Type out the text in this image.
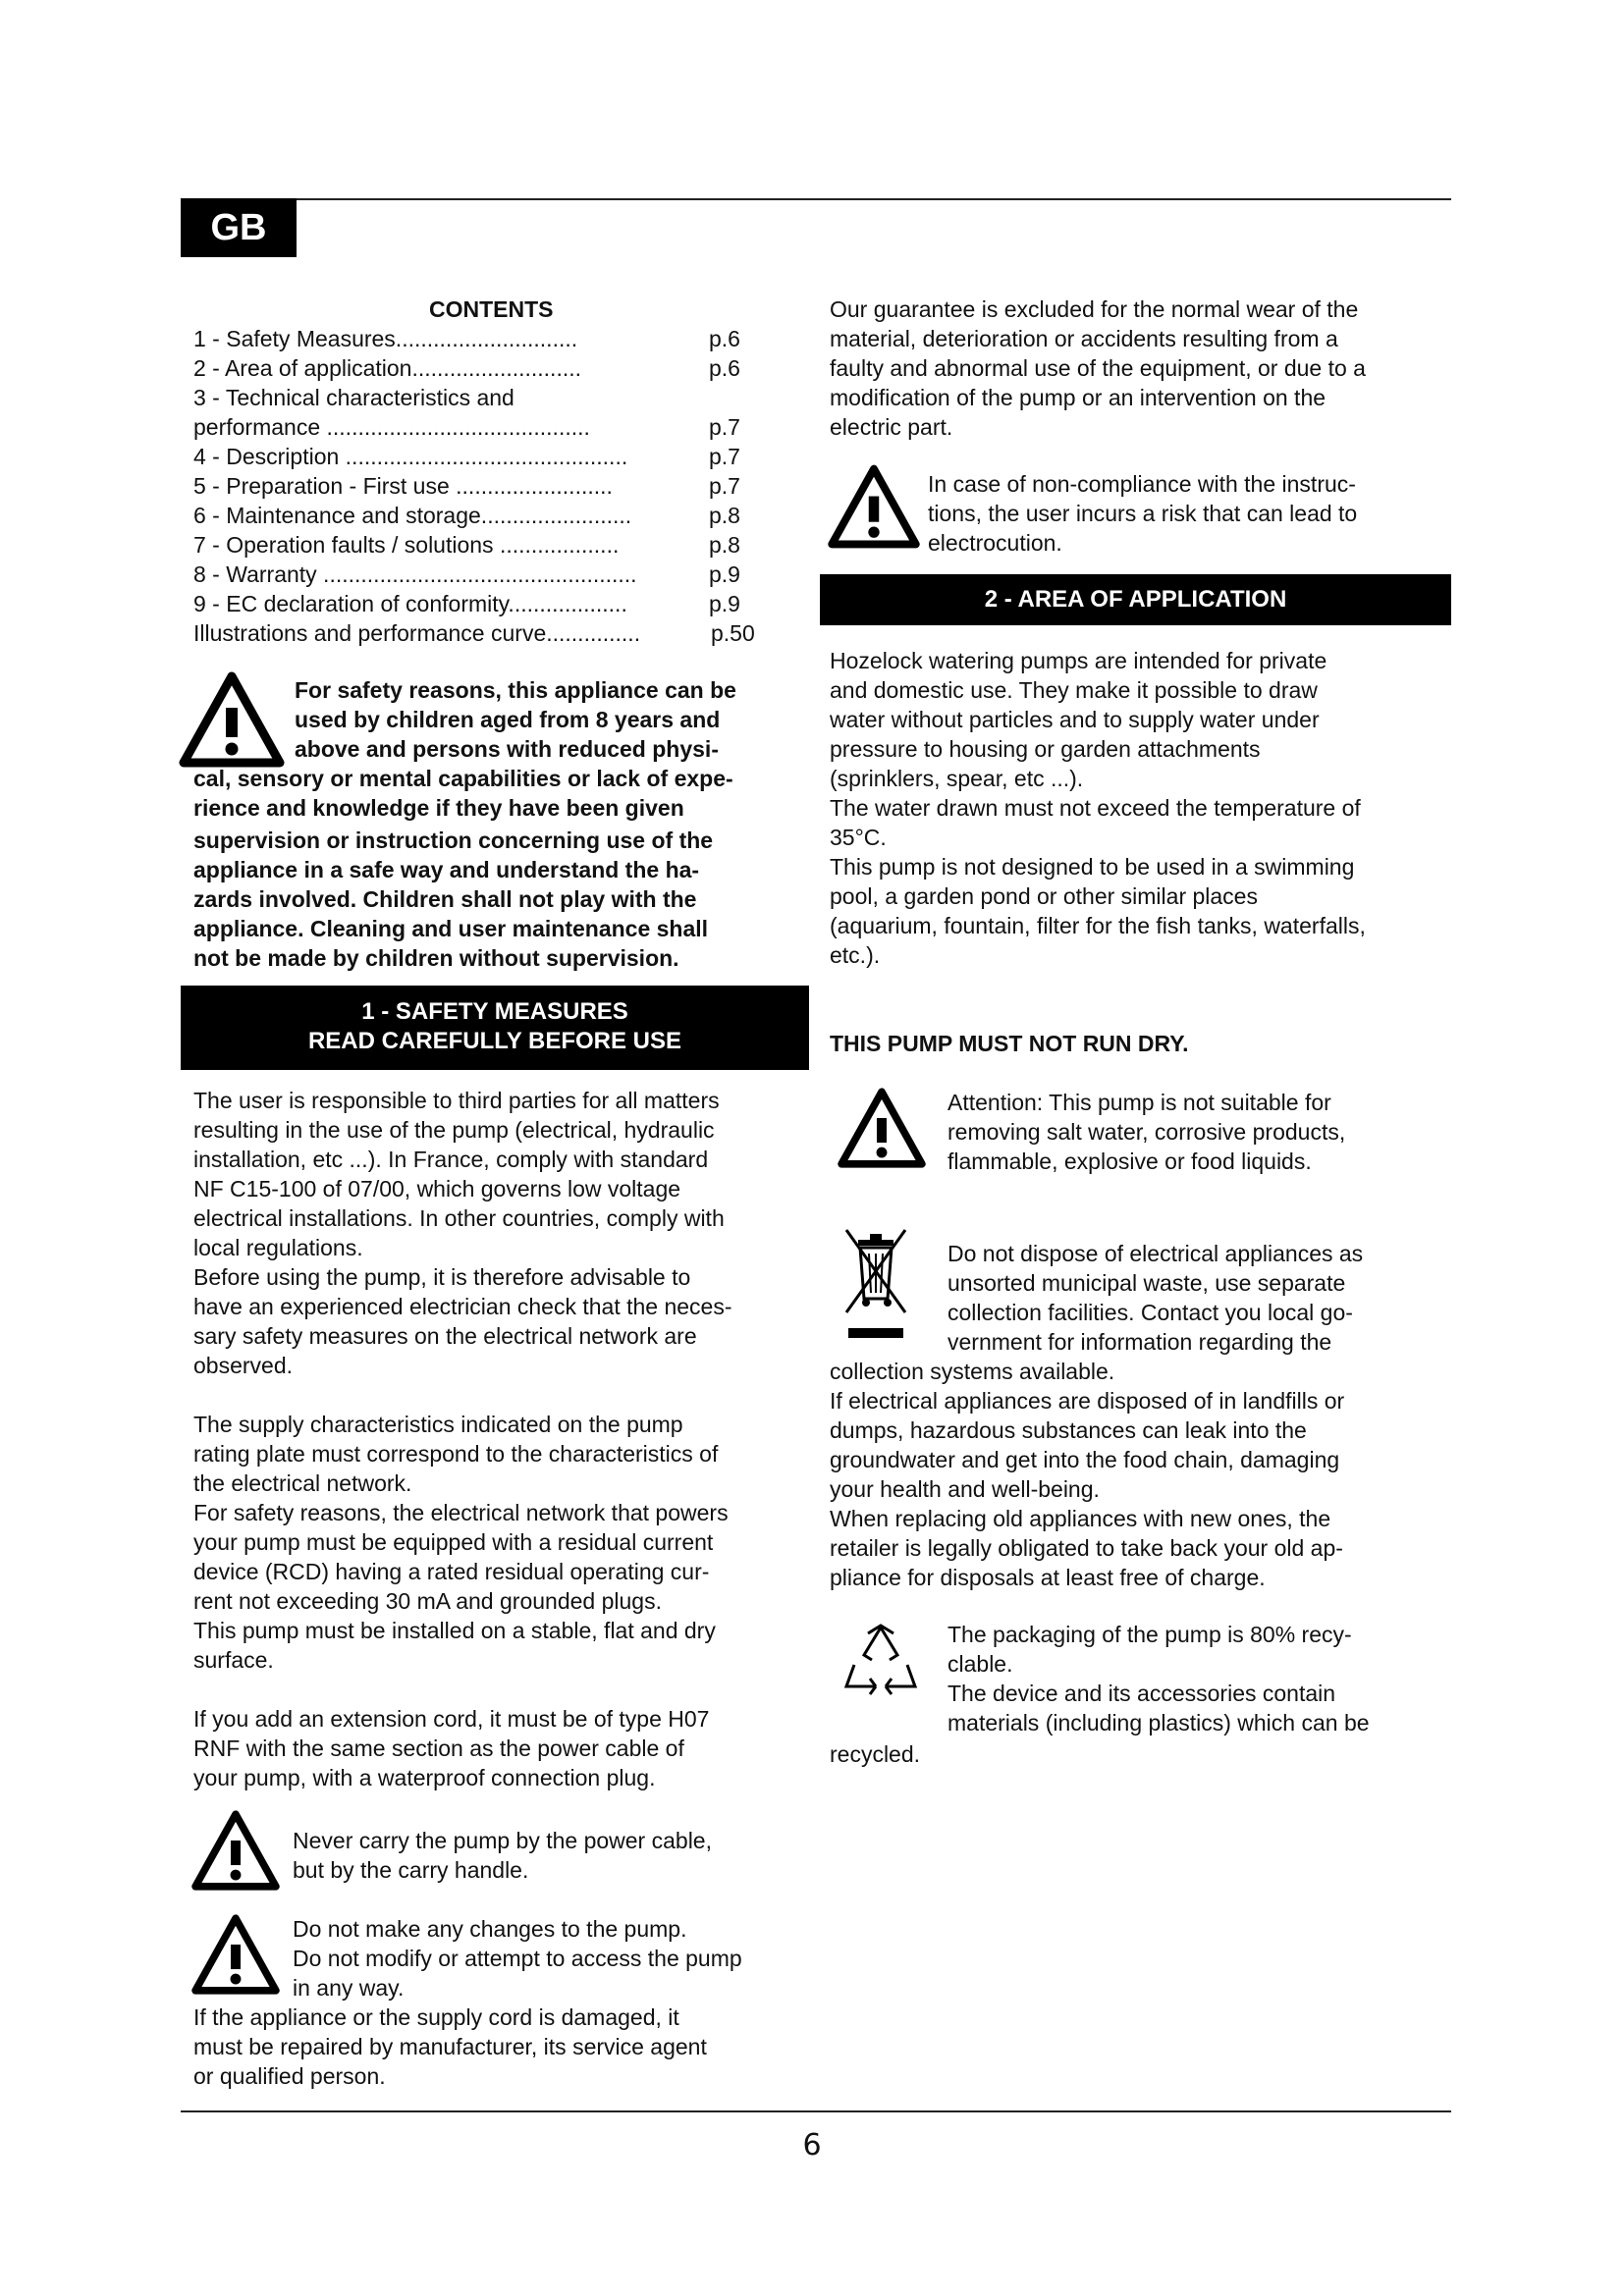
GB
CONTENTS
1 - Safety Measures.............................	p.6
2 - Area of application...........................	p.6
3 - Technical characteristics and
performance ..........................................	p.7
4 - Description .............................................	p.7
5 - Preparation - First use .........................	p.7
6 - Maintenance and storage........................	p.8
7 - Operation faults / solutions ...................	p.8
8 - Warranty ..................................................	p.9
9 - EC declaration of conformity...................	p.9
Illustrations and performance curve...............	p.50
For safety reasons, this appliance can be
used by children aged from 8 years and
above and persons with reduced physi-
cal, sensory or mental capabilities or lack of expe-
rience and knowledge if they have been given
supervision or instruction concerning use of the
appliance in a safe way and understand the ha-
zards involved. Children shall not play with the
appliance. Cleaning and user maintenance shall
not be made by children without supervision.
1 - SAFETY MEASURES
READ CAREFULLY BEFORE USE
The user is responsible to third parties for all matters
resulting in the use of the pump (electrical, hydraulic
installation, etc ...). In France, comply with standard
NF C15-100 of 07/00, which governs low voltage
electrical installations. In other countries, comply with
local regulations.
Before using the pump, it is therefore advisable to
have an experienced electrician check that the neces-
sary safety measures on the electrical network are
observed.
The supply characteristics indicated on the pump
rating plate must correspond to the characteristics of
the electrical network.
For safety reasons, the electrical network that powers
your pump must be equipped with a residual current
device (RCD) having a rated residual operating cur-
rent not exceeding 30 mA and grounded plugs.
This pump must be installed on a stable, flat and dry
surface.
If you add an extension cord, it must be of type H07
RNF with the same section as the power cable of
your pump, with a waterproof connection plug.
Never carry the pump by the power cable,
but by the carry handle.
Do not make any changes to the pump.
Do not modify or attempt to access the pump
in any way.
If the appliance or the supply cord is damaged, it
must be repaired by manufacturer, its service agent
or qualified person.
Our guarantee is excluded for the normal wear of the
material, deterioration or accidents resulting from a
faulty and abnormal use of the equipment, or due to a
modification of the pump or an intervention on the
electric part.
In case of non-compliance with the instruc-
tions, the user incurs a risk that can lead to
electrocution.
2 - AREA OF APPLICATION
Hozelock watering pumps are intended for private
and domestic use. They make it possible to draw
water without particles and to supply water under
pressure to housing or garden attachments
(sprinklers, spear, etc ...).
The water drawn must not exceed the temperature of
35°C.
This pump is not designed to be used in a swimming
pool, a garden pond or other similar places
(aquarium, fountain, filter for the fish tanks, waterfalls,
etc.).
THIS PUMP MUST NOT RUN DRY.
Attention: This pump is not suitable for
removing salt water, corrosive products,
flammable, explosive or food liquids.
Do not dispose of electrical appliances as
unsorted municipal waste, use separate
collection facilities. Contact you local go-
vernment for information regarding the
collection systems available.
If electrical appliances are disposed of in landfills or
dumps, hazardous substances can leak into the
groundwater and get into the food chain, damaging
your health and well-being.
When replacing old appliances with new ones, the
retailer is legally obligated to take back your old ap-
pliance for disposals at least free of charge.
The packaging of the pump is 80% recy-
clable.
The device and its accessories contain
materials (including plastics) which can be
recycled.
6
